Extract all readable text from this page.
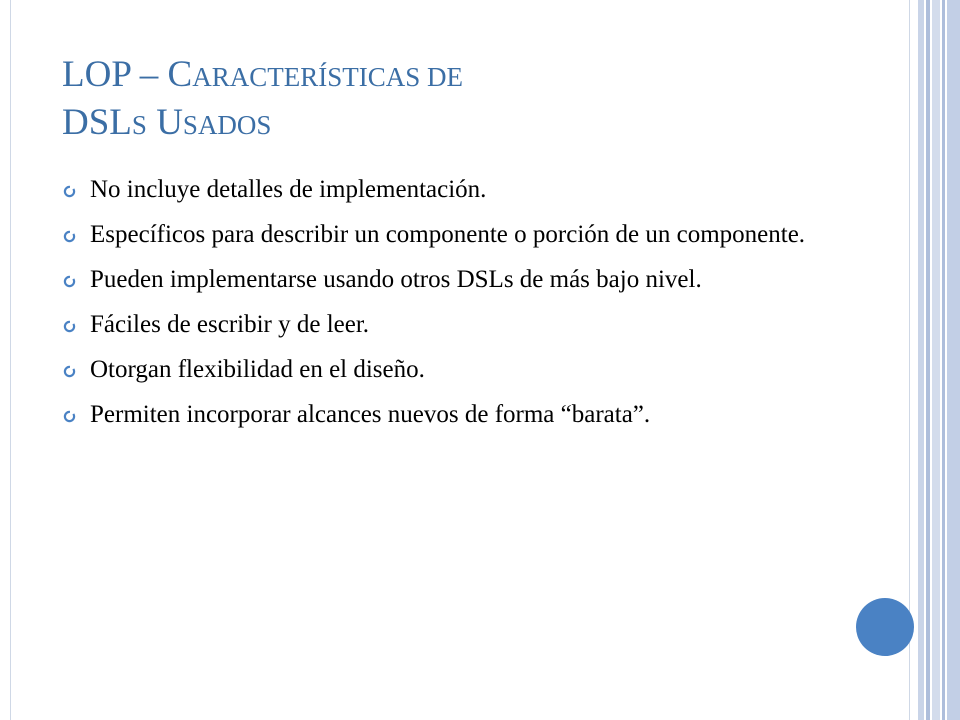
LOP – CARACTERÍSTICAS DE
DSLS USADOS
No incluye detalles de implementación.
Específicos para describir un componente o porción de un componente.
Pueden implementarse usando otros DSLs de más bajo nivel.
Fáciles de escribir y de leer.
Otorgan flexibilidad en el diseño.
Permiten incorporar alcances nuevos de forma “barata”.
